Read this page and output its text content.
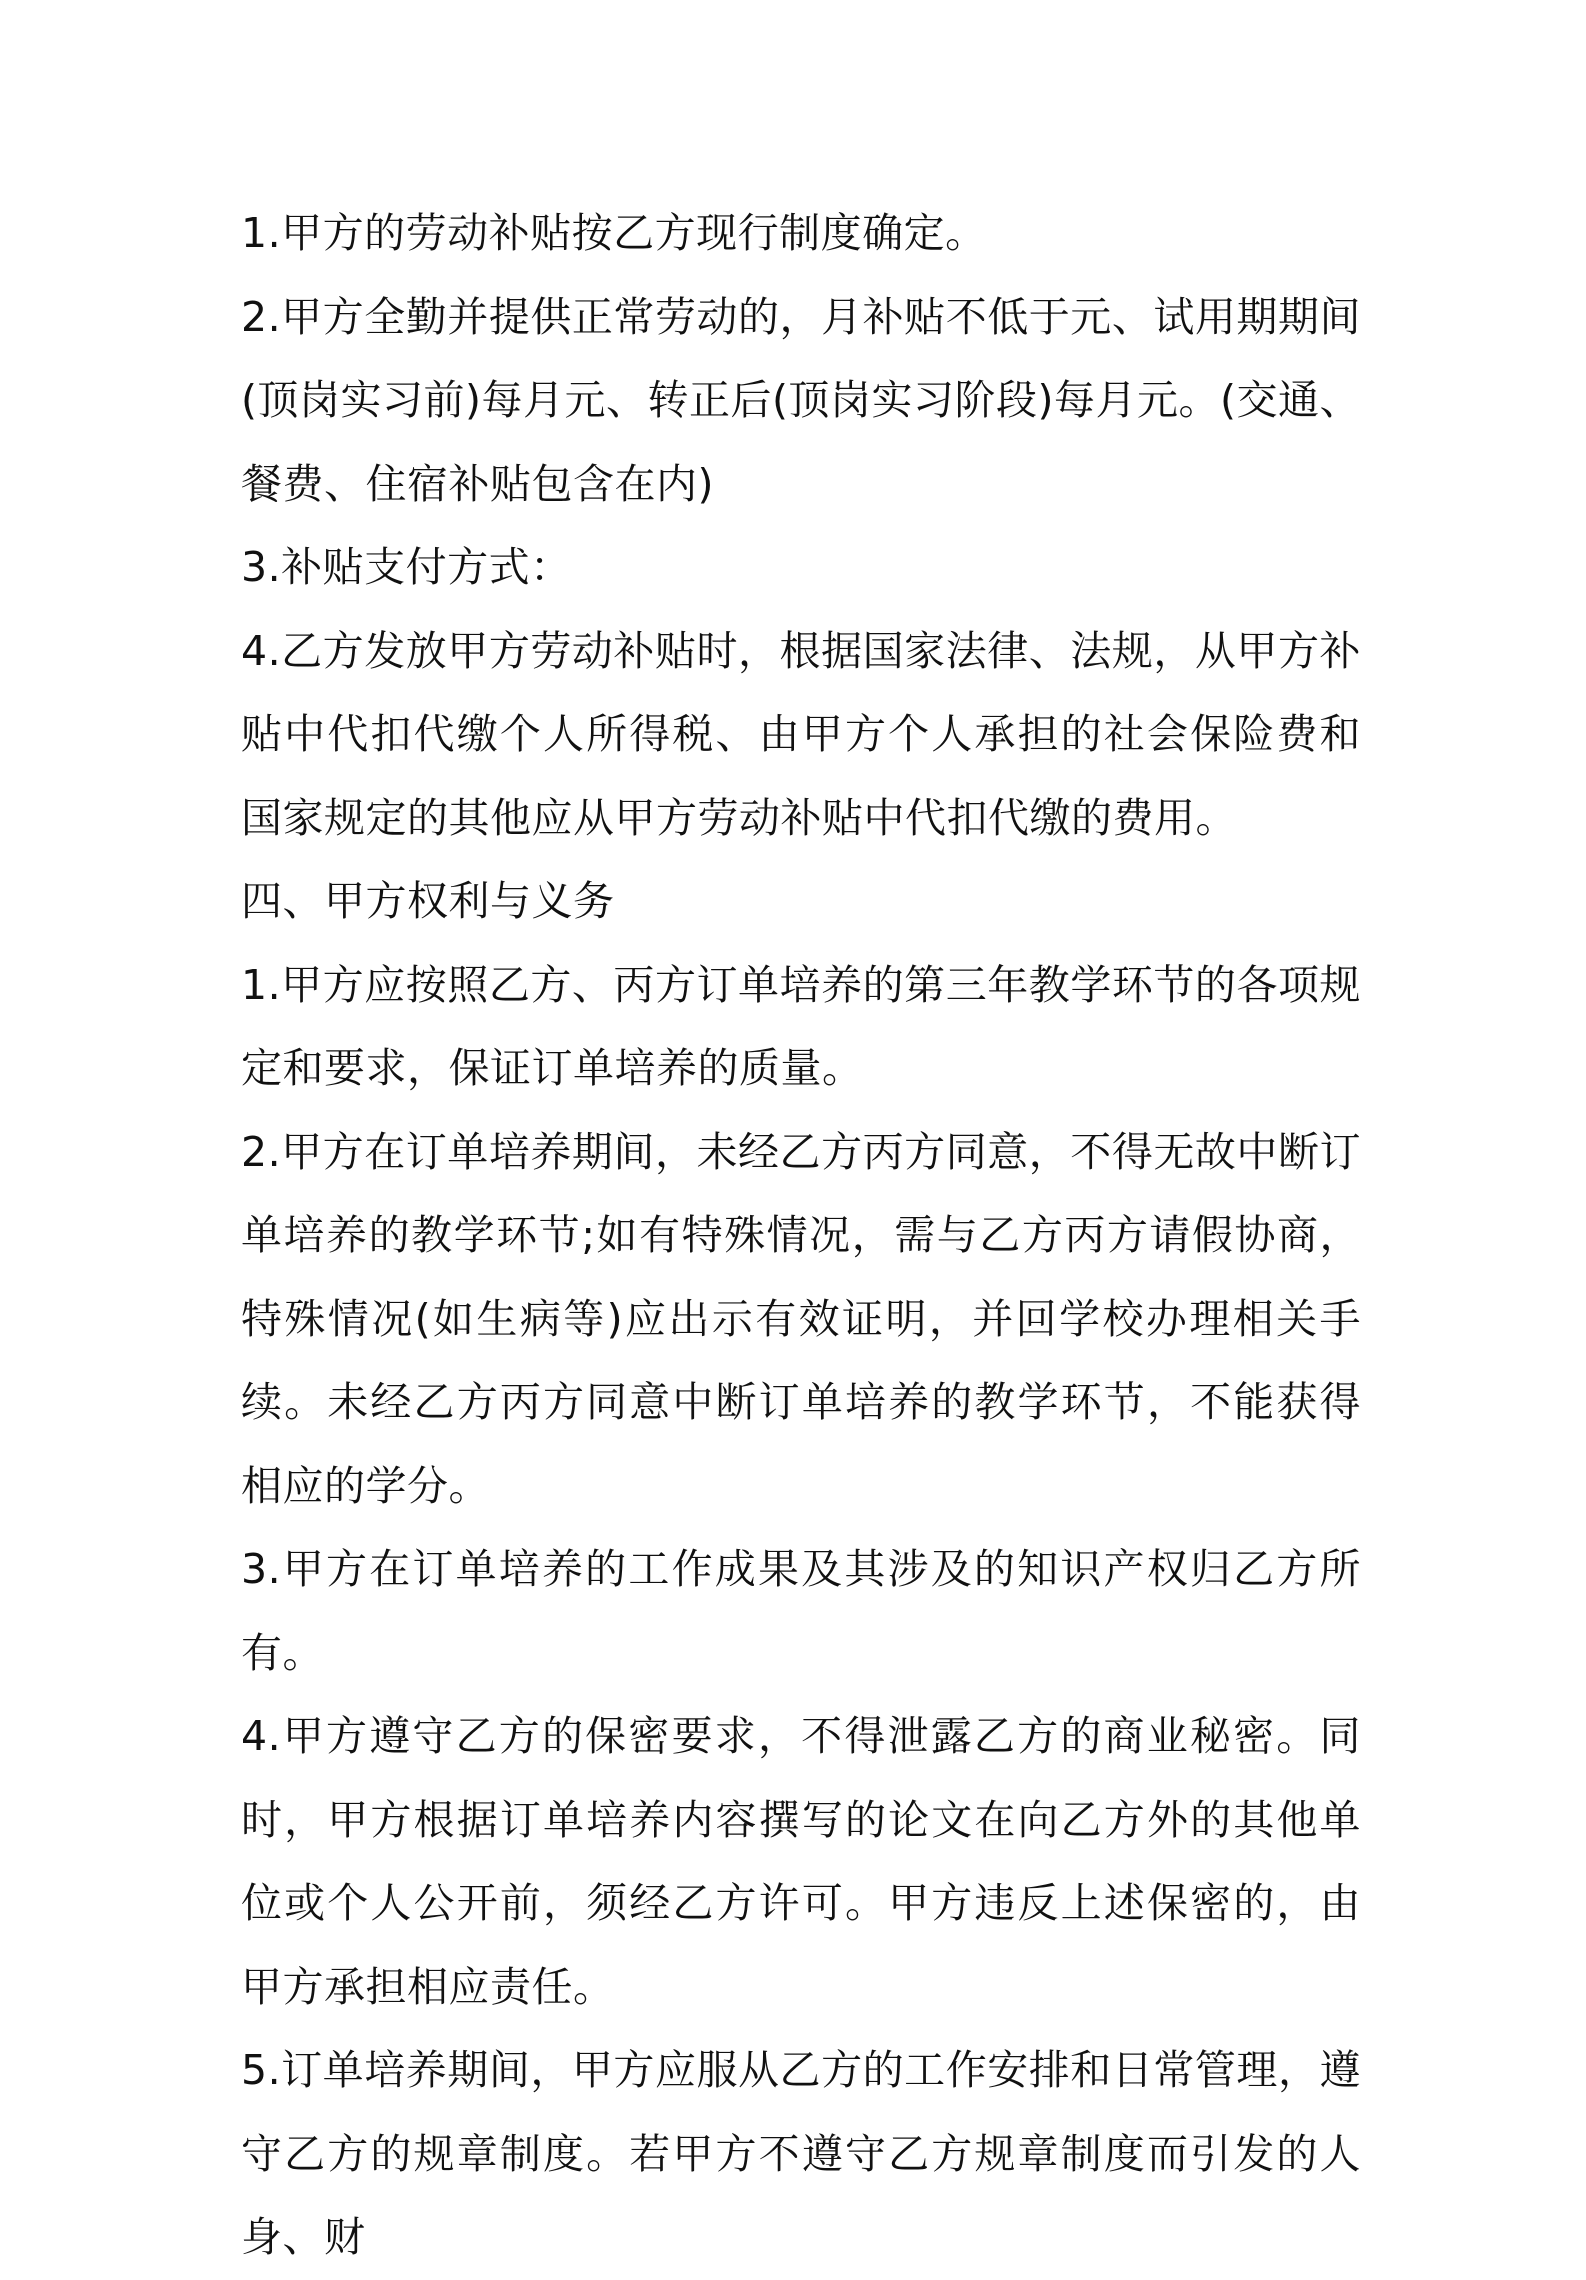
1.甲方的劳动补贴按乙方现行制度确定。

2.甲方全勤并提供正常劳动的，月补贴不低于元、试用期期间(顶岗实习前)每月元、转正后(顶岗实习阶段)每月元。(交通、餐费、住宿补贴包含在内)

3.补贴支付方式：

4.乙方发放甲方劳动补贴时，根据国家法律、法规，从甲方补贴中代扣代缴个人所得税、由甲方个人承担的社会保险费和国家规定的其他应从甲方劳动补贴中代扣代缴的费用。

四、甲方权利与义务

1.甲方应按照乙方、丙方订单培养的第三年教学环节的各项规定和要求，保证订单培养的质量。

2.甲方在订单培养期间，未经乙方丙方同意，不得无故中断订单培养的教学环节;如有特殊情况，需与乙方丙方请假协商，特殊情况(如生病等)应出示有效证明，并回学校办理相关手续。未经乙方丙方同意中断订单培养的教学环节，不能获得相应的学分。

3.甲方在订单培养的工作成果及其涉及的知识产权归乙方所有。

4.甲方遵守乙方的保密要求，不得泄露乙方的商业秘密。同时，甲方根据订单培养内容撰写的论文在向乙方外的其他单位或个人公开前，须经乙方许可。甲方违反上述保密的，由甲方承担相应责任。

5.订单培养期间，甲方应服从乙方的工作安排和日常管理，遵守乙方的规章制度。若甲方不遵守乙方规章制度而引发的人身、财
